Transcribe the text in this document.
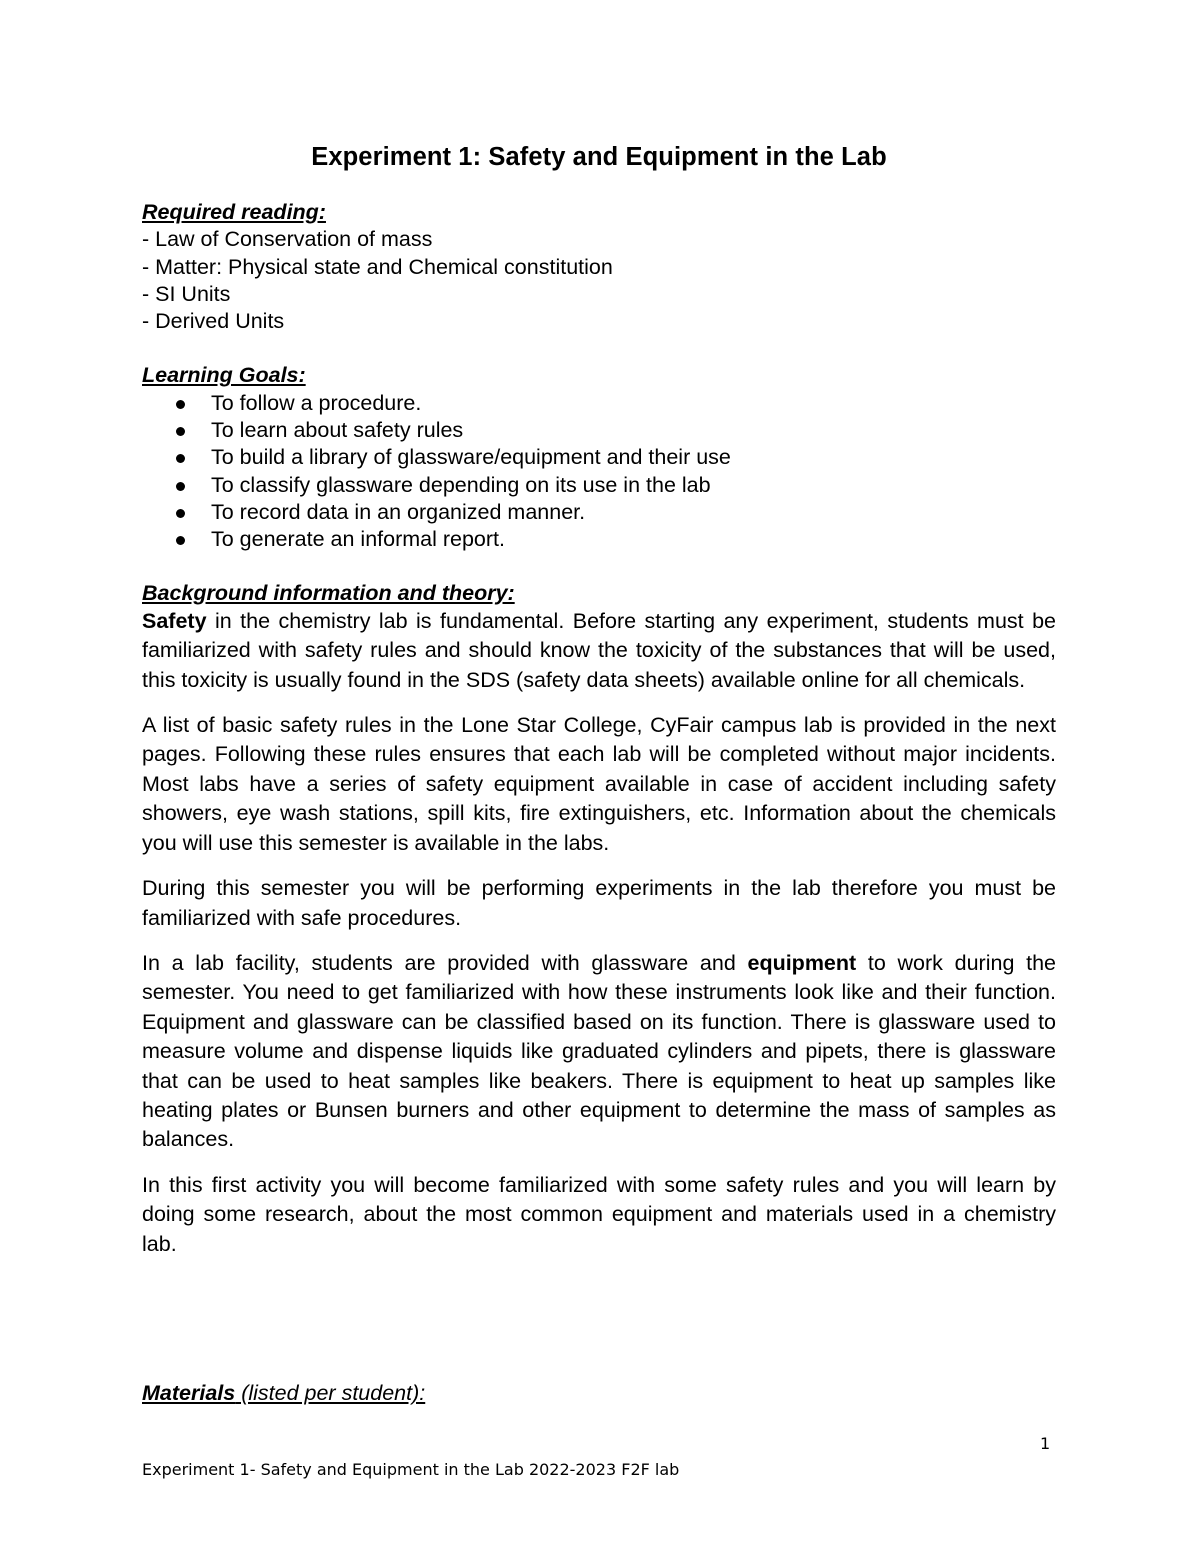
Experiment 1: Safety and Equipment in the Lab

Required reading:

- Law of Conservation of mass

- Matter: Physical state and Chemical constitution

- SI Units

- Derived Units

Learning Goals:

To follow a procedure.
To learn about safety rules
To build a library of glassware/equipment and their use
To classify glassware depending on its use in the lab
To record data in an organized manner.
To generate an informal report.

Background information and theory:

Safety in the chemistry lab is fundamental. Before starting any experiment, students must be familiarized with safety rules and should know the toxicity of the substances that will be used, this toxicity is usually found in the SDS (safety data sheets) available online for all chemicals.

A list of basic safety rules in the Lone Star College, CyFair campus lab is provided in the next pages. Following these rules ensures that each lab will be completed without major incidents. Most labs have a series of safety equipment available in case of accident including safety showers, eye wash stations, spill kits, fire extinguishers, etc. Information about the chemicals you will use this semester is available in the labs.

During this semester you will be performing experiments in the lab therefore you must be familiarized with safe procedures.

In a lab facility, students are provided with glassware and equipment to work during the semester. You need to get familiarized with how these instruments look like and their function. Equipment and glassware can be classified based on its function. There is glassware used to measure volume and dispense liquids like graduated cylinders and pipets, there is glassware that can be used to heat samples like beakers. There is equipment to heat up samples like heating plates or Bunsen burners and other equipment to determine the mass of samples as balances.

In this first activity you will become familiarized with some safety rules and you will learn by doing some research, about the most common equipment and materials used in a chemistry lab.

Materials (listed per student):

1
Experiment 1- Safety and Equipment in the Lab 2022-2023 F2F lab
